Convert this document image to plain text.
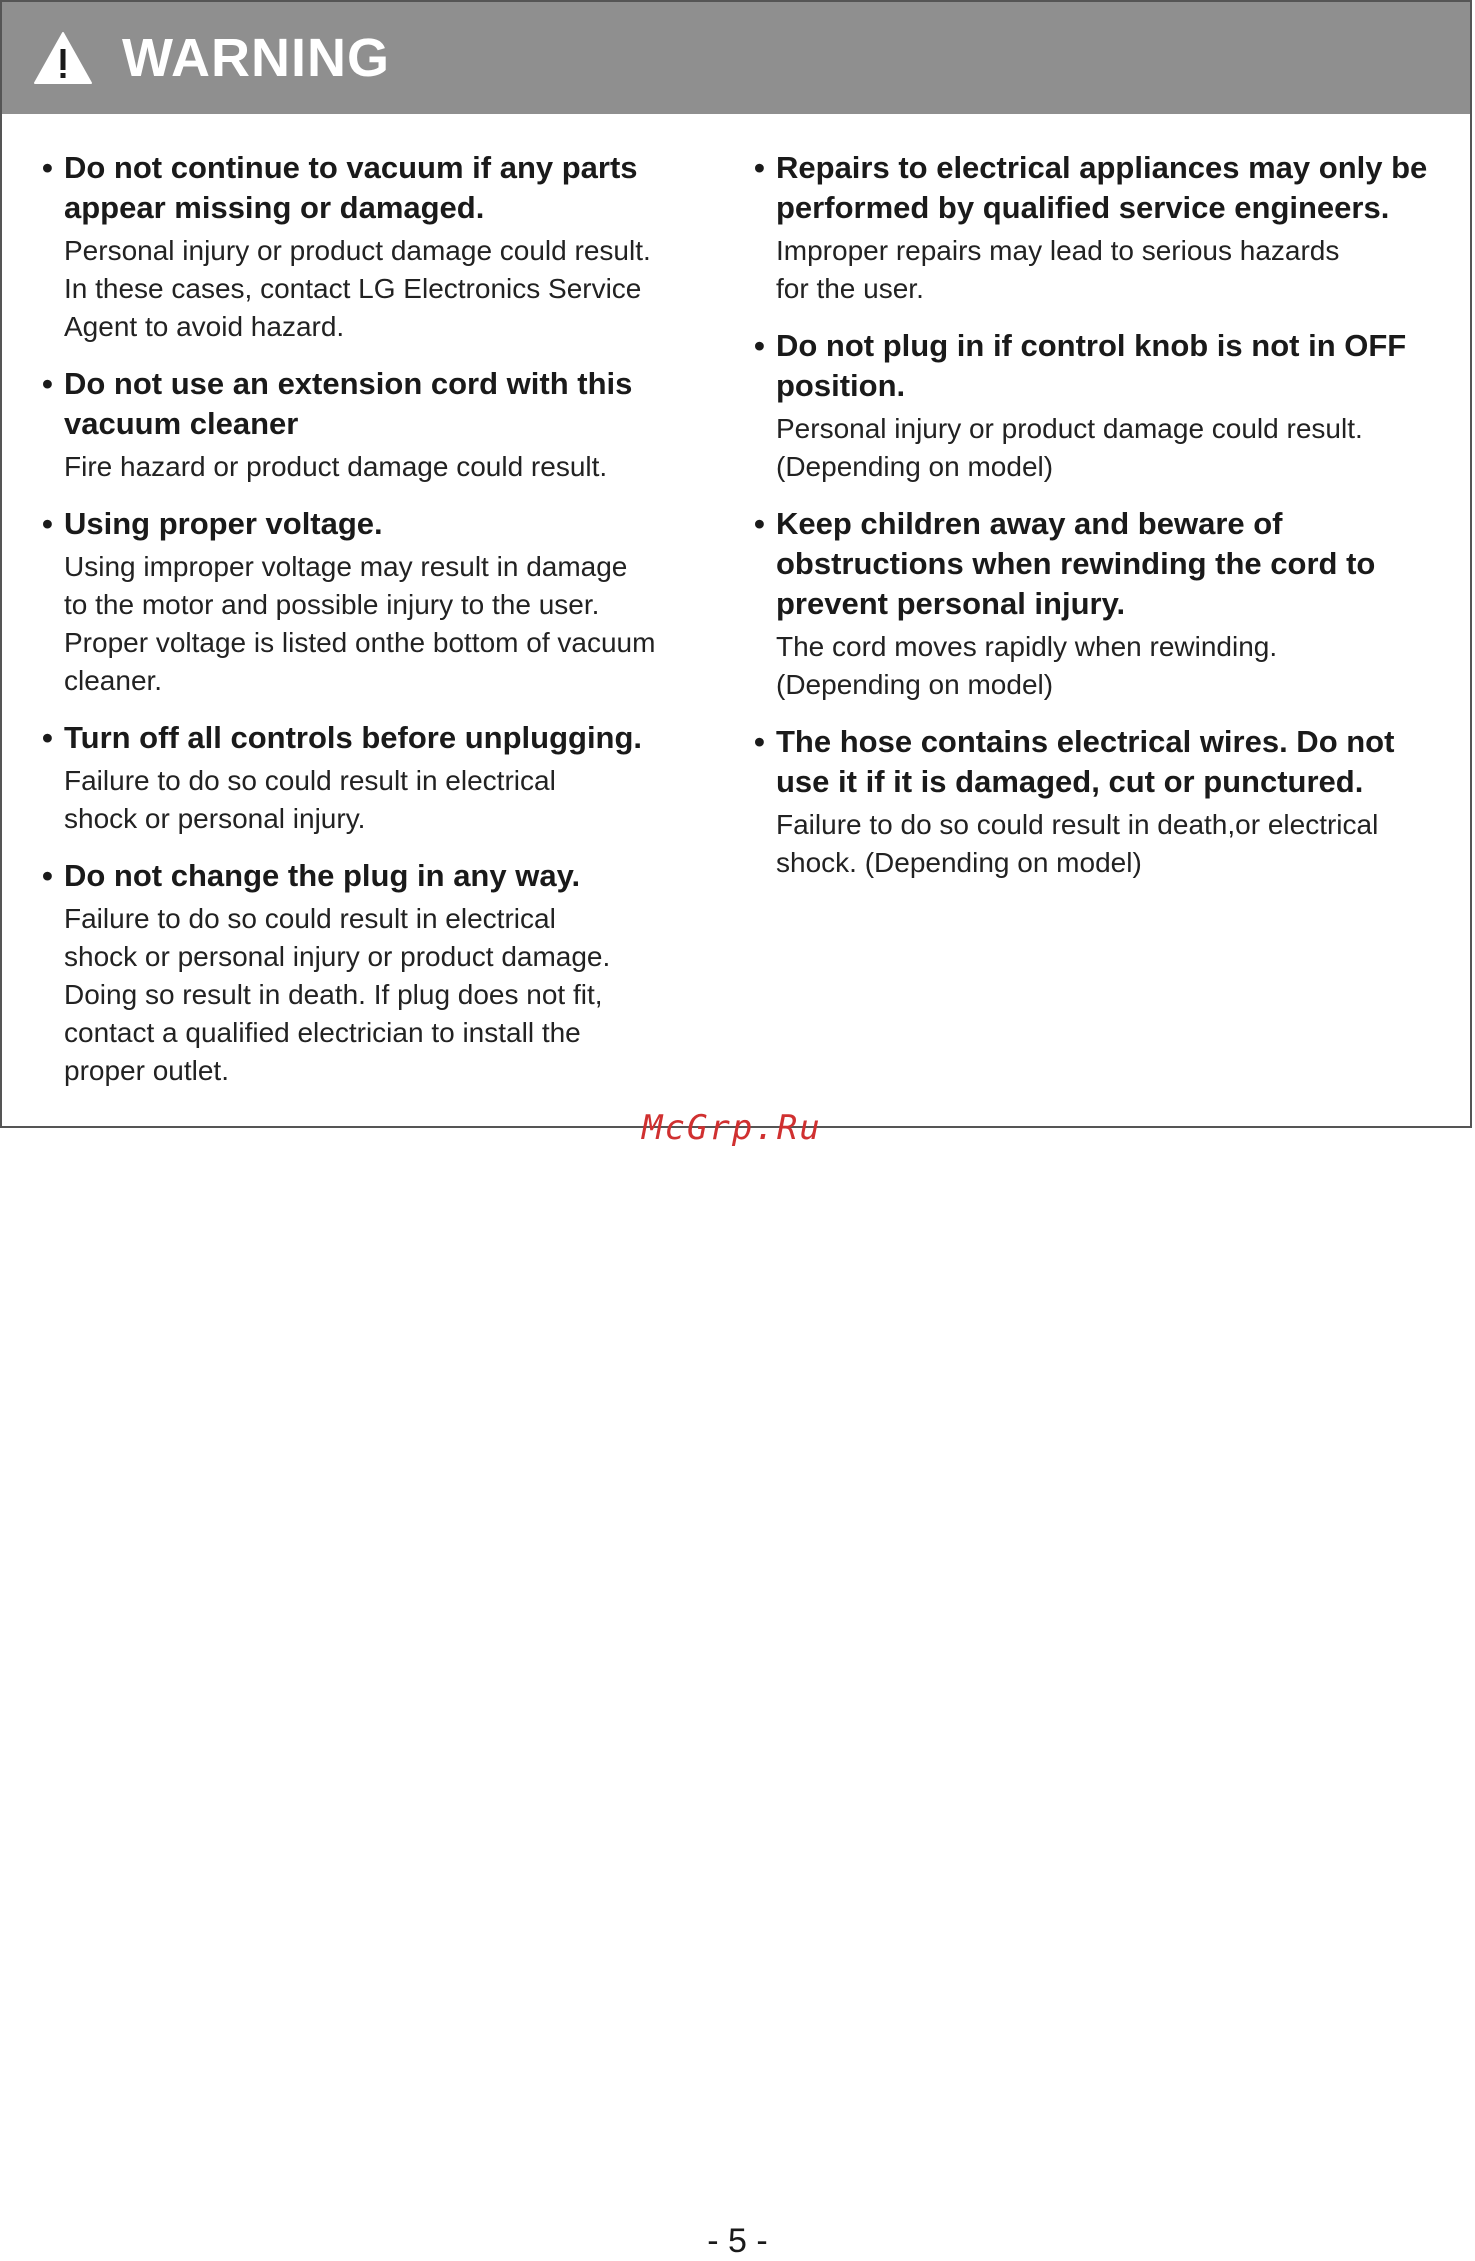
WARNING
• Do not continue to vacuum if any parts appear missing or damaged.
Personal injury or product damage could result.
In these cases, contact LG Electronics Service
Agent to avoid hazard.
• Do not use an extension cord with this vacuum cleaner
Fire hazard or product damage could result.
• Using proper voltage.
Using improper voltage may result in damage
to the motor and possible injury to the user.
Proper voltage is listed onthe bottom of vacuum
cleaner.
• Turn off all controls before unplugging.
Failure to do so could result in electrical
shock or personal injury.
• Do not change the plug in any way.
Failure to do so could result in electrical
shock or personal injury or product damage.
Doing so result in death. If plug does not fit,
contact a qualified electrician to install the
proper outlet.
• Repairs to electrical appliances may only be performed by qualified service engineers.
Improper repairs may lead to serious hazards
for the user.
• Do not plug in if control knob is not in OFF position.
Personal injury or product damage could result.
(Depending on model)
• Keep children away and beware of obstructions when rewinding the cord to prevent personal injury.
The cord moves rapidly when rewinding.
(Depending on model)
• The hose contains electrical wires. Do not use it if it is damaged, cut or punctured.
Failure to do so could result in death,or electrical
shock. (Depending on model)
McGrp.Ru
- 5 -
